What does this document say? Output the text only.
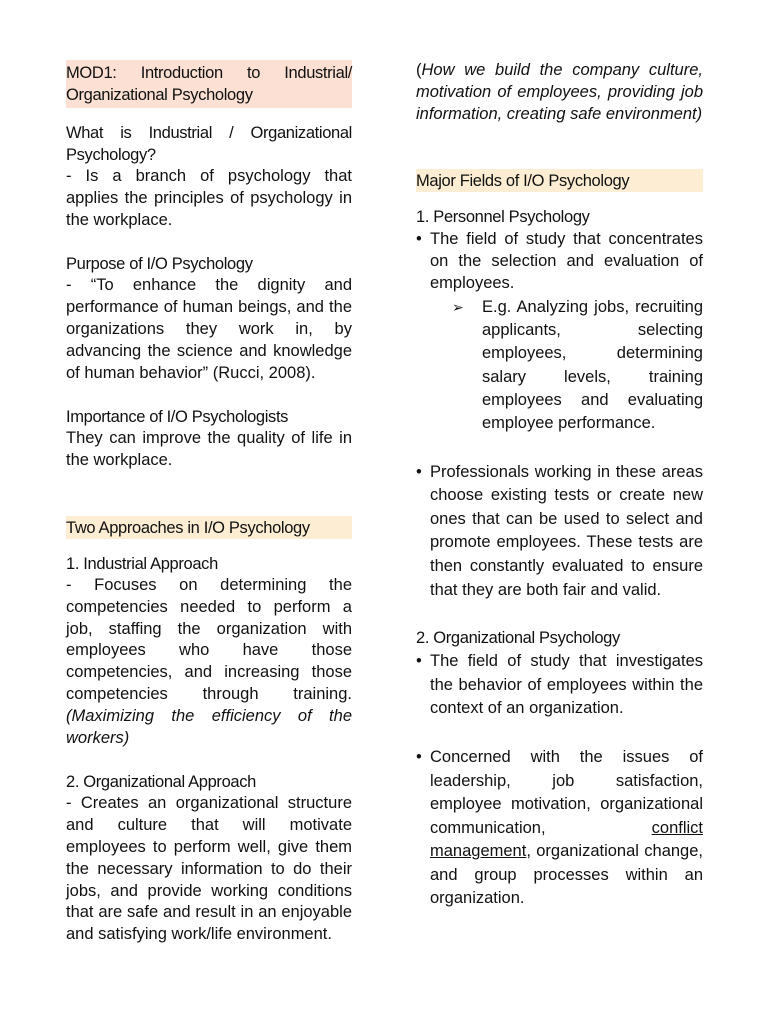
MOD1: Introduction to Industrial/ Organizational Psychology
What is Industrial / Organizational Psychology?

- Is a branch of psychology that applies the principles of psychology in the workplace.

Purpose of I/O Psychology

- “To enhance the dignity and performance of human beings, and the organizations they work in, by advancing the science and knowledge of human behavior” (Rucci, 2008).

Importance of I/O Psychologists

They can improve the quality of life in the workplace.

Two Approaches in I/O Psychology
1. Industrial Approach

- Focuses on determining the competencies needed to perform a job, staffing the organization with employees who have those competencies, and increasing those competencies through training. (Maximizing the efficiency of the workers)

2. Organizational Approach

- Creates an organizational structure and culture that will motivate employees to perform well, give them the necessary information to do their jobs, and provide working conditions that are safe and result in an enjoyable and satisfying work/life environment.

(How we build the company culture, motivation of employees, providing job information, creating safe environment)

Major Fields of I/O Psychology
1. Personnel Psychology
• The field of study that concentrates on the selection and evaluation of employees.
➢ E.g. Analyzing jobs, recruiting applicants, selecting employees, determining salary levels, training employees and evaluating employee performance.
• Professionals working in these areas choose existing tests or create new ones that can be used to select and promote employees. These tests are then constantly evaluated to ensure that they are both fair and valid.
2. Organizational Psychology
• The field of study that investigates the behavior of employees within the context of an organization.
• Concerned with the issues of leadership, job satisfaction, employee motivation, organizational communication,	conflict management, organizational change, and group processes within an organization.
